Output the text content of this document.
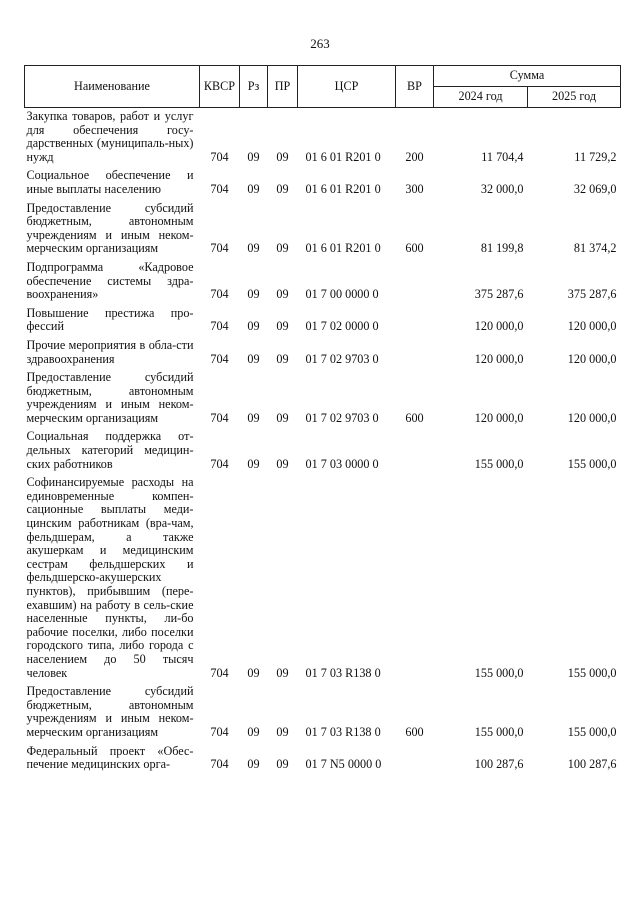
263
Наименование	КВСР	Рз	ПР	ЦСР	ВР	Сумма	
						2024 год	2025 год
Закупка товаров, работ и услуг для обеспечения госу-дарственных (муниципаль-ных) нужд	704	09	09	01 6 01 R201 0	200	11 704,4	11 729,2
Социальное обеспечение и иные выплаты населению	704	09	09	01 6 01 R201 0	300	32 000,0	32 069,0
Предоставление субсидий бюджетным, автономным учреждениям и иным неком-мерческим организациям	704	09	09	01 6 01 R201 0	600	81 199,8	81 374,2
Подпрограмма «Кадровое обеспечение системы здра-воохранения»	704	09	09	01 7 00 0000 0		375 287,6	375 287,6
Повышение престижа про-фессий	704	09	09	01 7 02 0000 0		120 000,0	120 000,0
Прочие мероприятия в обла-сти здравоохранения	704	09	09	01 7 02 9703 0		120 000,0	120 000,0
Предоставление субсидий бюджетным, автономным учреждениям и иным неком-мерческим организациям	704	09	09	01 7 02 9703 0	600	120 000,0	120 000,0
Социальная поддержка от-дельных категорий медицин-ских работников	704	09	09	01 7 03 0000 0		155 000,0	155 000,0
Софинансируемые расходы на единовременные компен-сационные выплаты меди-цинским работникам (вра-чам, фельдшерам, а также акушеркам и медицинским сестрам фельдшерских и фельдшерско-акушерских пунктов), прибывшим (пере-ехавшим) на работу в сель-ские населенные пункты, ли-бо рабочие поселки, либо поселки городского типа, либо города с населением до 50 тысяч человек	704	09	09	01 7 03 R138 0		155 000,0	155 000,0
Предоставление субсидий бюджетным, автономным учреждениям и иным неком-мерческим организациям	704	09	09	01 7 03 R138 0	600	155 000,0	155 000,0
Федеральный проект «Обес-печение медицинских орга-	704	09	09	01 7 N5 0000 0		100 287,6	100 287,6
